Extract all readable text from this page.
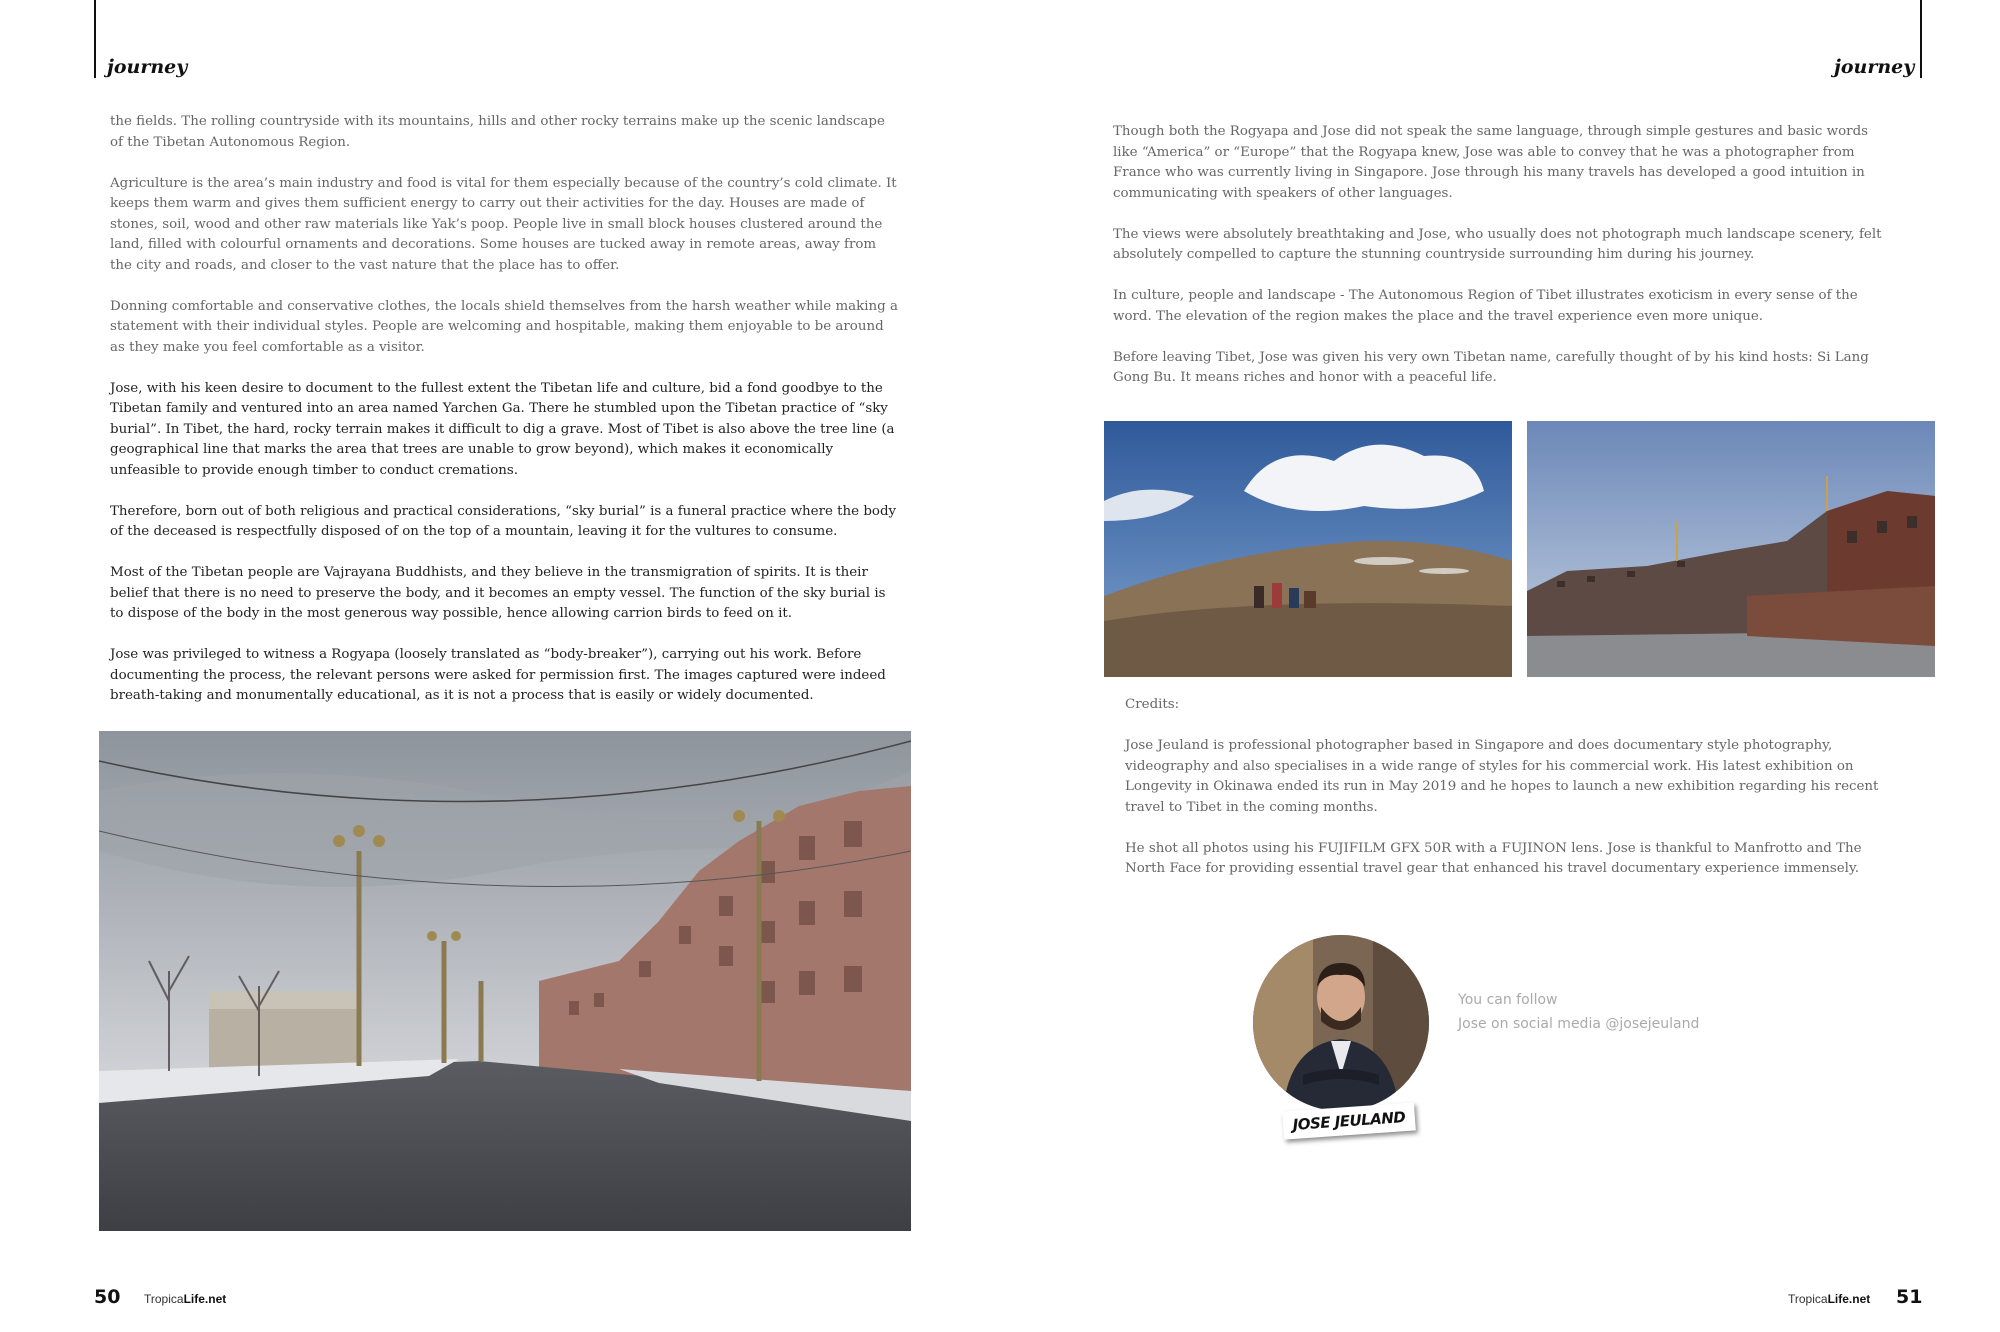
journey

the fields. The rolling countryside with its mountains, hills and other rocky terrains make up the scenic landscape of the Tibetan Autonomous Region.

Agriculture is the area’s main industry and food is vital for them especially because of the country’s cold climate. It keeps them warm and gives them sufficient energy to carry out their activities for the day. Houses are made of stones, soil, wood and other raw materials like Yak’s poop. People live in small block houses clustered around the land, filled with colourful ornaments and decorations. Some houses are tucked away in remote areas, away from the city and roads, and closer to the vast nature that the place has to offer.

Donning comfortable and conservative clothes, the locals shield themselves from the harsh weather while making a statement with their individual styles. People are welcoming and hospitable, making them enjoyable to be around as they make you feel comfortable as a visitor.

Jose, with his keen desire to document to the fullest extent the Tibetan life and culture, bid a fond goodbye to the Tibetan family and ventured into an area named Yarchen Ga. There he stumbled upon the Tibetan practice of “sky burial”. In Tibet, the hard, rocky terrain makes it difficult to dig a grave. Most of Tibet is also above the tree line (a geographical line that marks the area that trees are unable to grow beyond), which makes it economically unfeasible to provide enough timber to conduct cremations.

Therefore, born out of both religious and practical considerations, “sky burial” is a funeral practice where the body of the deceased is respectfully disposed of on the top of a mountain, leaving it for the vultures to consume.

Most of the Tibetan people are Vajrayana Buddhists, and they believe in the transmigration of spirits. It is their belief that there is no need to preserve the body, and it becomes an empty vessel. The function of the sky burial is to dispose of the body in the most generous way possible, hence allowing carrion birds to feed on it.

Jose was privileged to witness a Rogyapa (loosely translated as “body-breaker”), carrying out his work. Before documenting the process, the relevant persons were asked for permission first. The images captured were indeed breath-taking and monumentally educational, as it is not a process that is easily or widely documented.

50 TropicaLife.net
journey

Though both the Rogyapa and Jose did not speak the same language, through simple gestures and basic words like “America” or “Europe” that the Rogyapa knew, Jose was able to convey that he was a photographer from France who was currently living in Singapore. Jose through his many travels has developed a good intuition in communicating with speakers of other languages.

The views were absolutely breathtaking and Jose, who usually does not photograph much landscape scenery, felt absolutely compelled to capture the stunning countryside surrounding him during his journey.

In culture, people and landscape - The Autonomous Region of Tibet illustrates exoticism in every sense of the word. The elevation of the region makes the place and the travel experience even more unique.

Before leaving Tibet, Jose was given his very own Tibetan name, carefully thought of by his kind hosts: Si Lang Gong Bu. It means riches and honor with a peaceful life.

Credits:

Jose Jeuland is professional photographer based in Singapore and does documentary style photography, videography and also specialises in a wide range of styles for his commercial work. His latest exhibition on Longevity in Okinawa ended its run in May 2019 and he hopes to launch a new exhibition regarding his recent travel to Tibet in the coming months.

He shot all photos using his FUJIFILM GFX 50R with a FUJINON lens. Jose is thankful to Manfrotto and The North Face for providing essential travel gear that enhanced his travel documentary experience immensely.

JOSE JEULAND
You can follow
Jose on social media @josejeuland
TropicaLife.net 51
